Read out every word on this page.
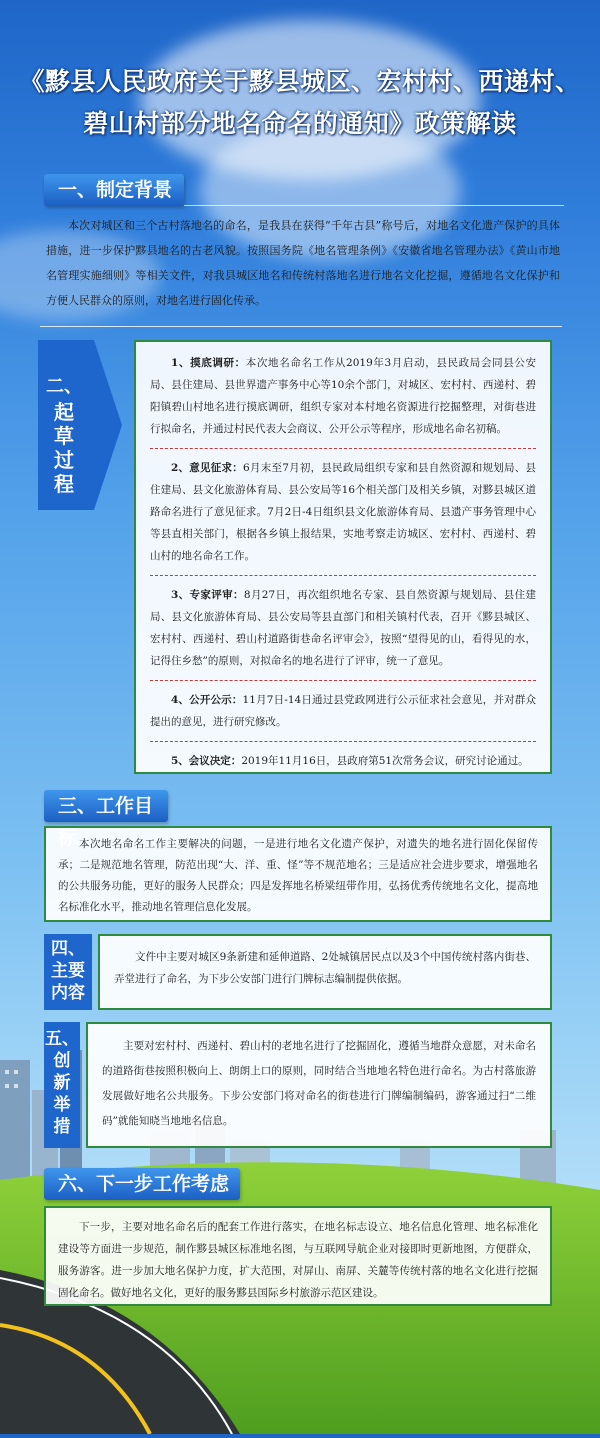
《黟县人民政府关于黟县城区、宏村村、西递村、
碧山村部分地名命名的通知》政策解读
一、制定背景
本次对城区和三个古村落地名的命名，是我县在获得“千年古县”称号后，对地名文化遗产保护的具体措施，进一步保护黟县地名的古老风貌。按照国务院《地名管理条例》《安徽省地名管理办法》《黄山市地名管理实施细则》等相关文件，对我县城区地名和传统村落地名进行地名文化挖掘，遵循地名文化保护和方便人民群众的原则，对地名进行固化传承。
二、
起
草
过
程
1、摸底调研：本次地名命名工作从2019年3月启动，县民政局会同县公安局、县住建局、县世界遗产事务中心等10余个部门，对城区、宏村村、西递村、碧阳镇碧山村地名进行摸底调研，组织专家对本村地名资源进行挖掘整理，对街巷进行拟命名，并通过村民代表大会商议、公开公示等程序，形成地名命名初稿。
2、意见征求：6月末至7月初，县民政局组织专家和县自然资源和规划局、县住建局、县文化旅游体育局、县公安局等16个相关部门及相关乡镇，对黟县城区道路命名进行了意见征求。7月2日-4日组织县文化旅游体育局、县遗产事务管理中心等县直相关部门，根据各乡镇上报结果，实地考察走访城区、宏村村、西递村、碧山村的地名命名工作。
3、专家评审：8月27日，再次组织地名专家、县自然资源与规划局、县住建局、县文化旅游体育局、县公安局等县直部门和相关镇村代表，召开《黟县城区、宏村村、西递村、碧山村道路街巷命名评审会》，按照“望得见的山，看得见的水，记得住乡愁”的原则，对拟命名的地名进行了评审，统一了意见。
4、公开公示：11月7日-14日通过县党政网进行公示征求社会意见，并对群众提出的意见，进行研究修改。
5、会议决定：2019年11月16日，县政府第51次常务会议，研究讨论通过。
三、工作目
本次地名命名工作主要解决的问题，一是进行地名文化遗产保护，对遗失的地名进行固化保留传承；二是规范地名管理，防范出现“大、洋、重、怪”等不规范地名；三是适应社会进步要求，增强地名的公共服务功能，更好的服务人民群众；四是发挥地名桥梁纽带作用，弘扬优秀传统地名文化，提高地名标准化水平，推动地名管理信息化发展。
四、
主要
内容
文件中主要对城区9条新建和延伸道路、2处城镇居民点以及3个中国传统村落内街巷、弄堂进行了命名，为下步公安部门进行门牌标志编制提供依据。
五、
创
新
举
措
主要对宏村村、西递村、碧山村的老地名进行了挖掘固化，遵循当地群众意愿，对未命名的道路街巷按照积极向上、朗朗上口的原则，同时结合当地地名特色进行命名。为古村落旅游发展做好地名公共服务。下步公安部门将对命名的街巷进行门牌编制编码，游客通过扫“二维码”就能知晓当地地名信息。
六、下一步工作考虑
下一步，主要对地名命名后的配套工作进行落实，在地名标志设立、地名信息化管理、地名标准化建设等方面进一步规范，制作黟县城区标准地名图，与互联网导航企业对接即时更新地图，方便群众，服务游客。进一步加大地名保护力度，扩大范围，对屏山、南屏、关麓等传统村落的地名文化进行挖掘固化命名。做好地名文化，更好的服务黟县国际乡村旅游示范区建设。
